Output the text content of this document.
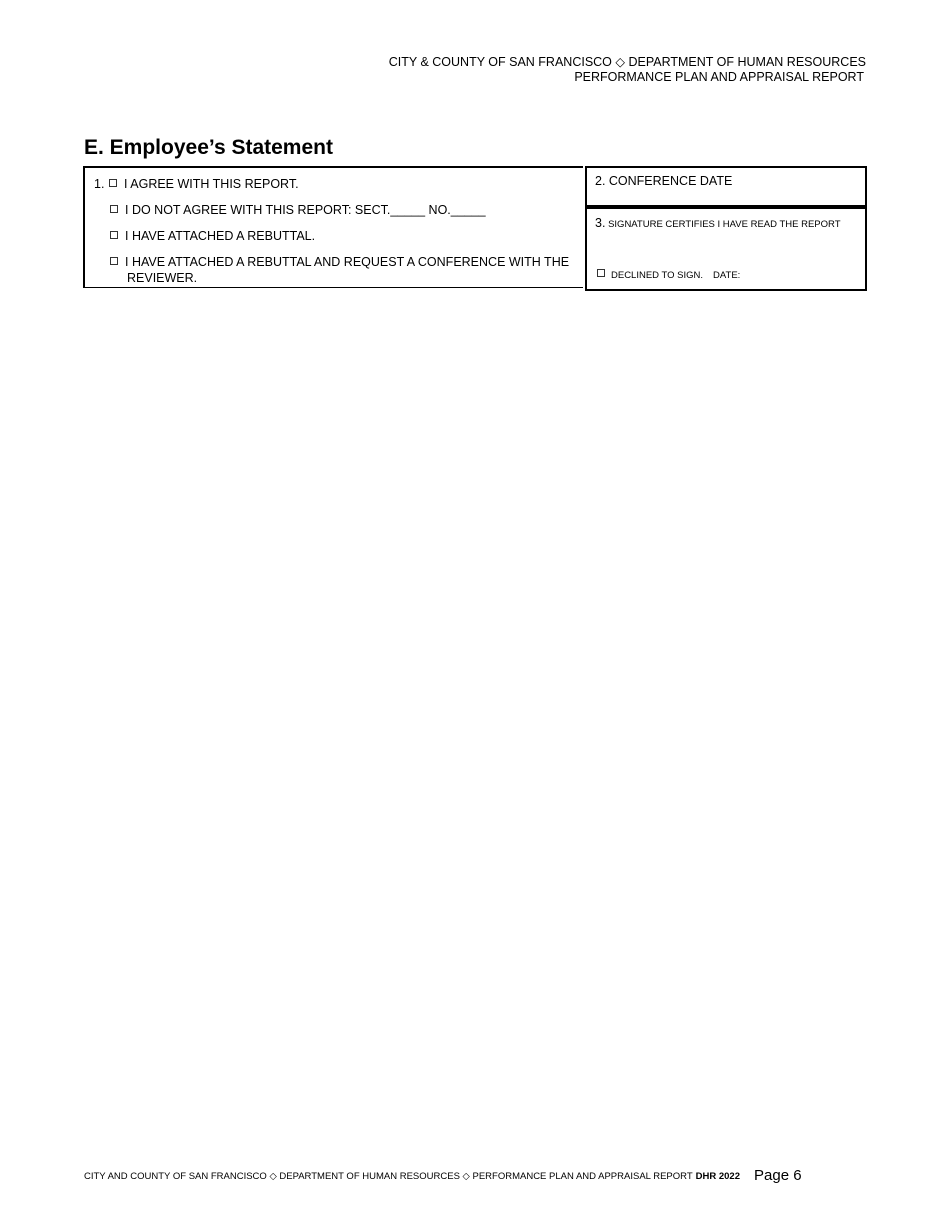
CITY & COUNTY OF SAN FRANCISCO ◇ DEPARTMENT OF HUMAN RESOURCES
PERFORMANCE PLAN AND APPRAISAL REPORT
E. Employee’s Statement
1. I AGREE WITH THIS REPORT.
I DO NOT AGREE WITH THIS REPORT: SECT._____ NO._____
I HAVE ATTACHED A REBUTTAL.
I HAVE ATTACHED A REBUTTAL AND REQUEST A CONFERENCE WITH THE
REVIEWER.
2. CONFERENCE DATE
3. SIGNATURE CERTIFIES I HAVE READ THE REPORT
DECLINED TO SIGN. DATE:
CITY AND COUNTY OF SAN FRANCISCO ◇ DEPARTMENT OF HUMAN RESOURCES ◇ PERFORMANCE PLAN AND APPRAISAL REPORT DHR 2022 Page 6
